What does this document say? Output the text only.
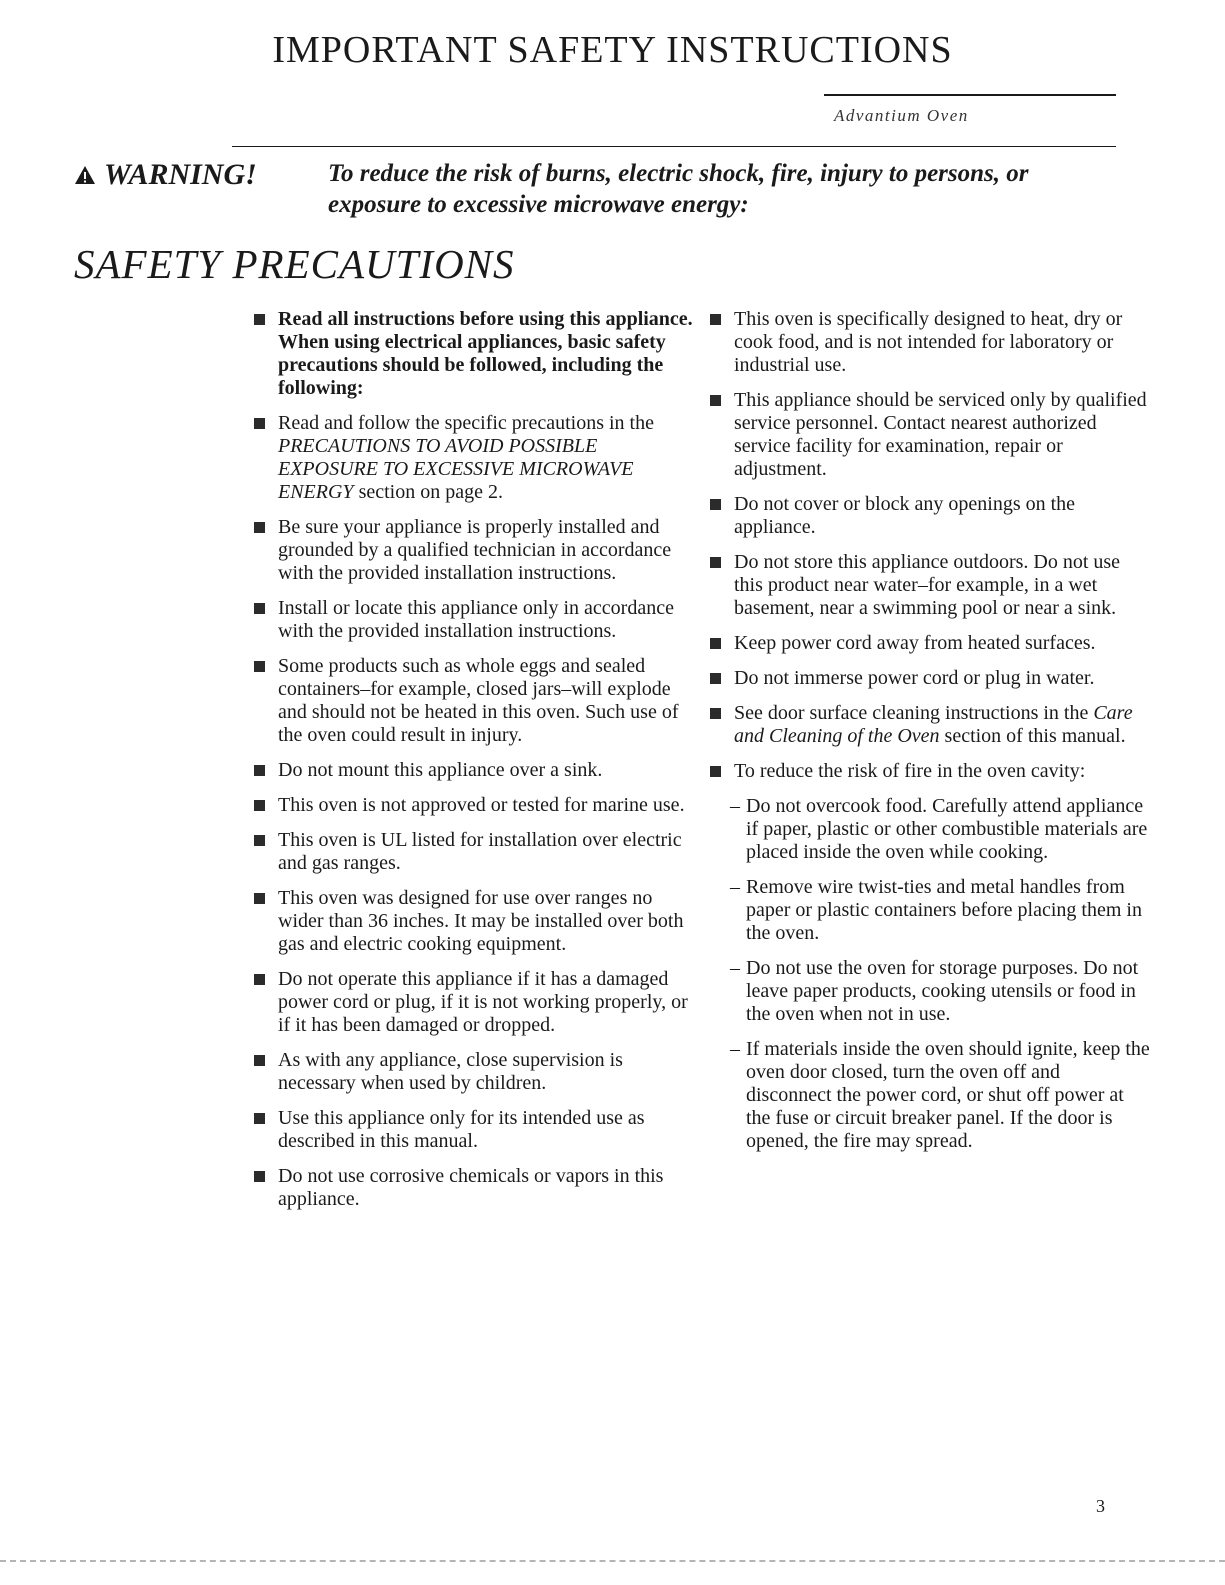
IMPORTANT SAFETY INSTRUCTIONS
Advantium Oven
WARNING!	To reduce the risk of burns, electric shock, fire, injury to persons, or exposure to excessive microwave energy:
SAFETY PRECAUTIONS
Read all instructions before using this appliance.
When using electrical appliances, basic safety precautions should be followed, including the following:
Read and follow the specific precautions in the PRECAUTIONS TO AVOID POSSIBLE EXPOSURE TO EXCESSIVE MICROWAVE ENERGY section on page 2.
Be sure your appliance is properly installed and grounded by a qualified technician in accordance with the provided installation instructions.
Install or locate this appliance only in accordance with the provided installation instructions.
Some products such as whole eggs and sealed containers–for example, closed jars–will explode and should not be heated in this oven. Such use of the oven could result in injury.
Do not mount this appliance over a sink.
This oven is not approved or tested for marine use.
This oven is UL listed for installation over electric and gas ranges.
This oven was designed for use over ranges no wider than 36 inches. It may be installed over both gas and electric cooking equipment.
Do not operate this appliance if it has a damaged power cord or plug, if it is not working properly, or if it has been damaged or dropped.
As with any appliance, close supervision is necessary when used by children.
Use this appliance only for its intended use as described in this manual.
Do not use corrosive chemicals or vapors in this appliance.
This oven is specifically designed to heat, dry or cook food, and is not intended for laboratory or industrial use.
This appliance should be serviced only by qualified service personnel. Contact nearest authorized service facility for examination, repair or adjustment.
Do not cover or block any openings on the appliance.
Do not store this appliance outdoors. Do not use this product near water–for example, in a wet basement, near a swimming pool or near a sink.
Keep power cord away from heated surfaces.
Do not immerse power cord or plug in water.
See door surface cleaning instructions in the Care and Cleaning of the Oven section of this manual.
To reduce the risk of fire in the oven cavity:
– Do not overcook food. Carefully attend appliance if paper, plastic or other combustible materials are placed inside the oven while cooking.
– Remove wire twist-ties and metal handles from paper or plastic containers before placing them in the oven.
– Do not use the oven for storage purposes. Do not leave paper products, cooking utensils or food in the oven when not in use.
– If materials inside the oven should ignite, keep the oven door closed, turn the oven off and disconnect the power cord, or shut off power at the fuse or circuit breaker panel. If the door is opened, the fire may spread.
3
